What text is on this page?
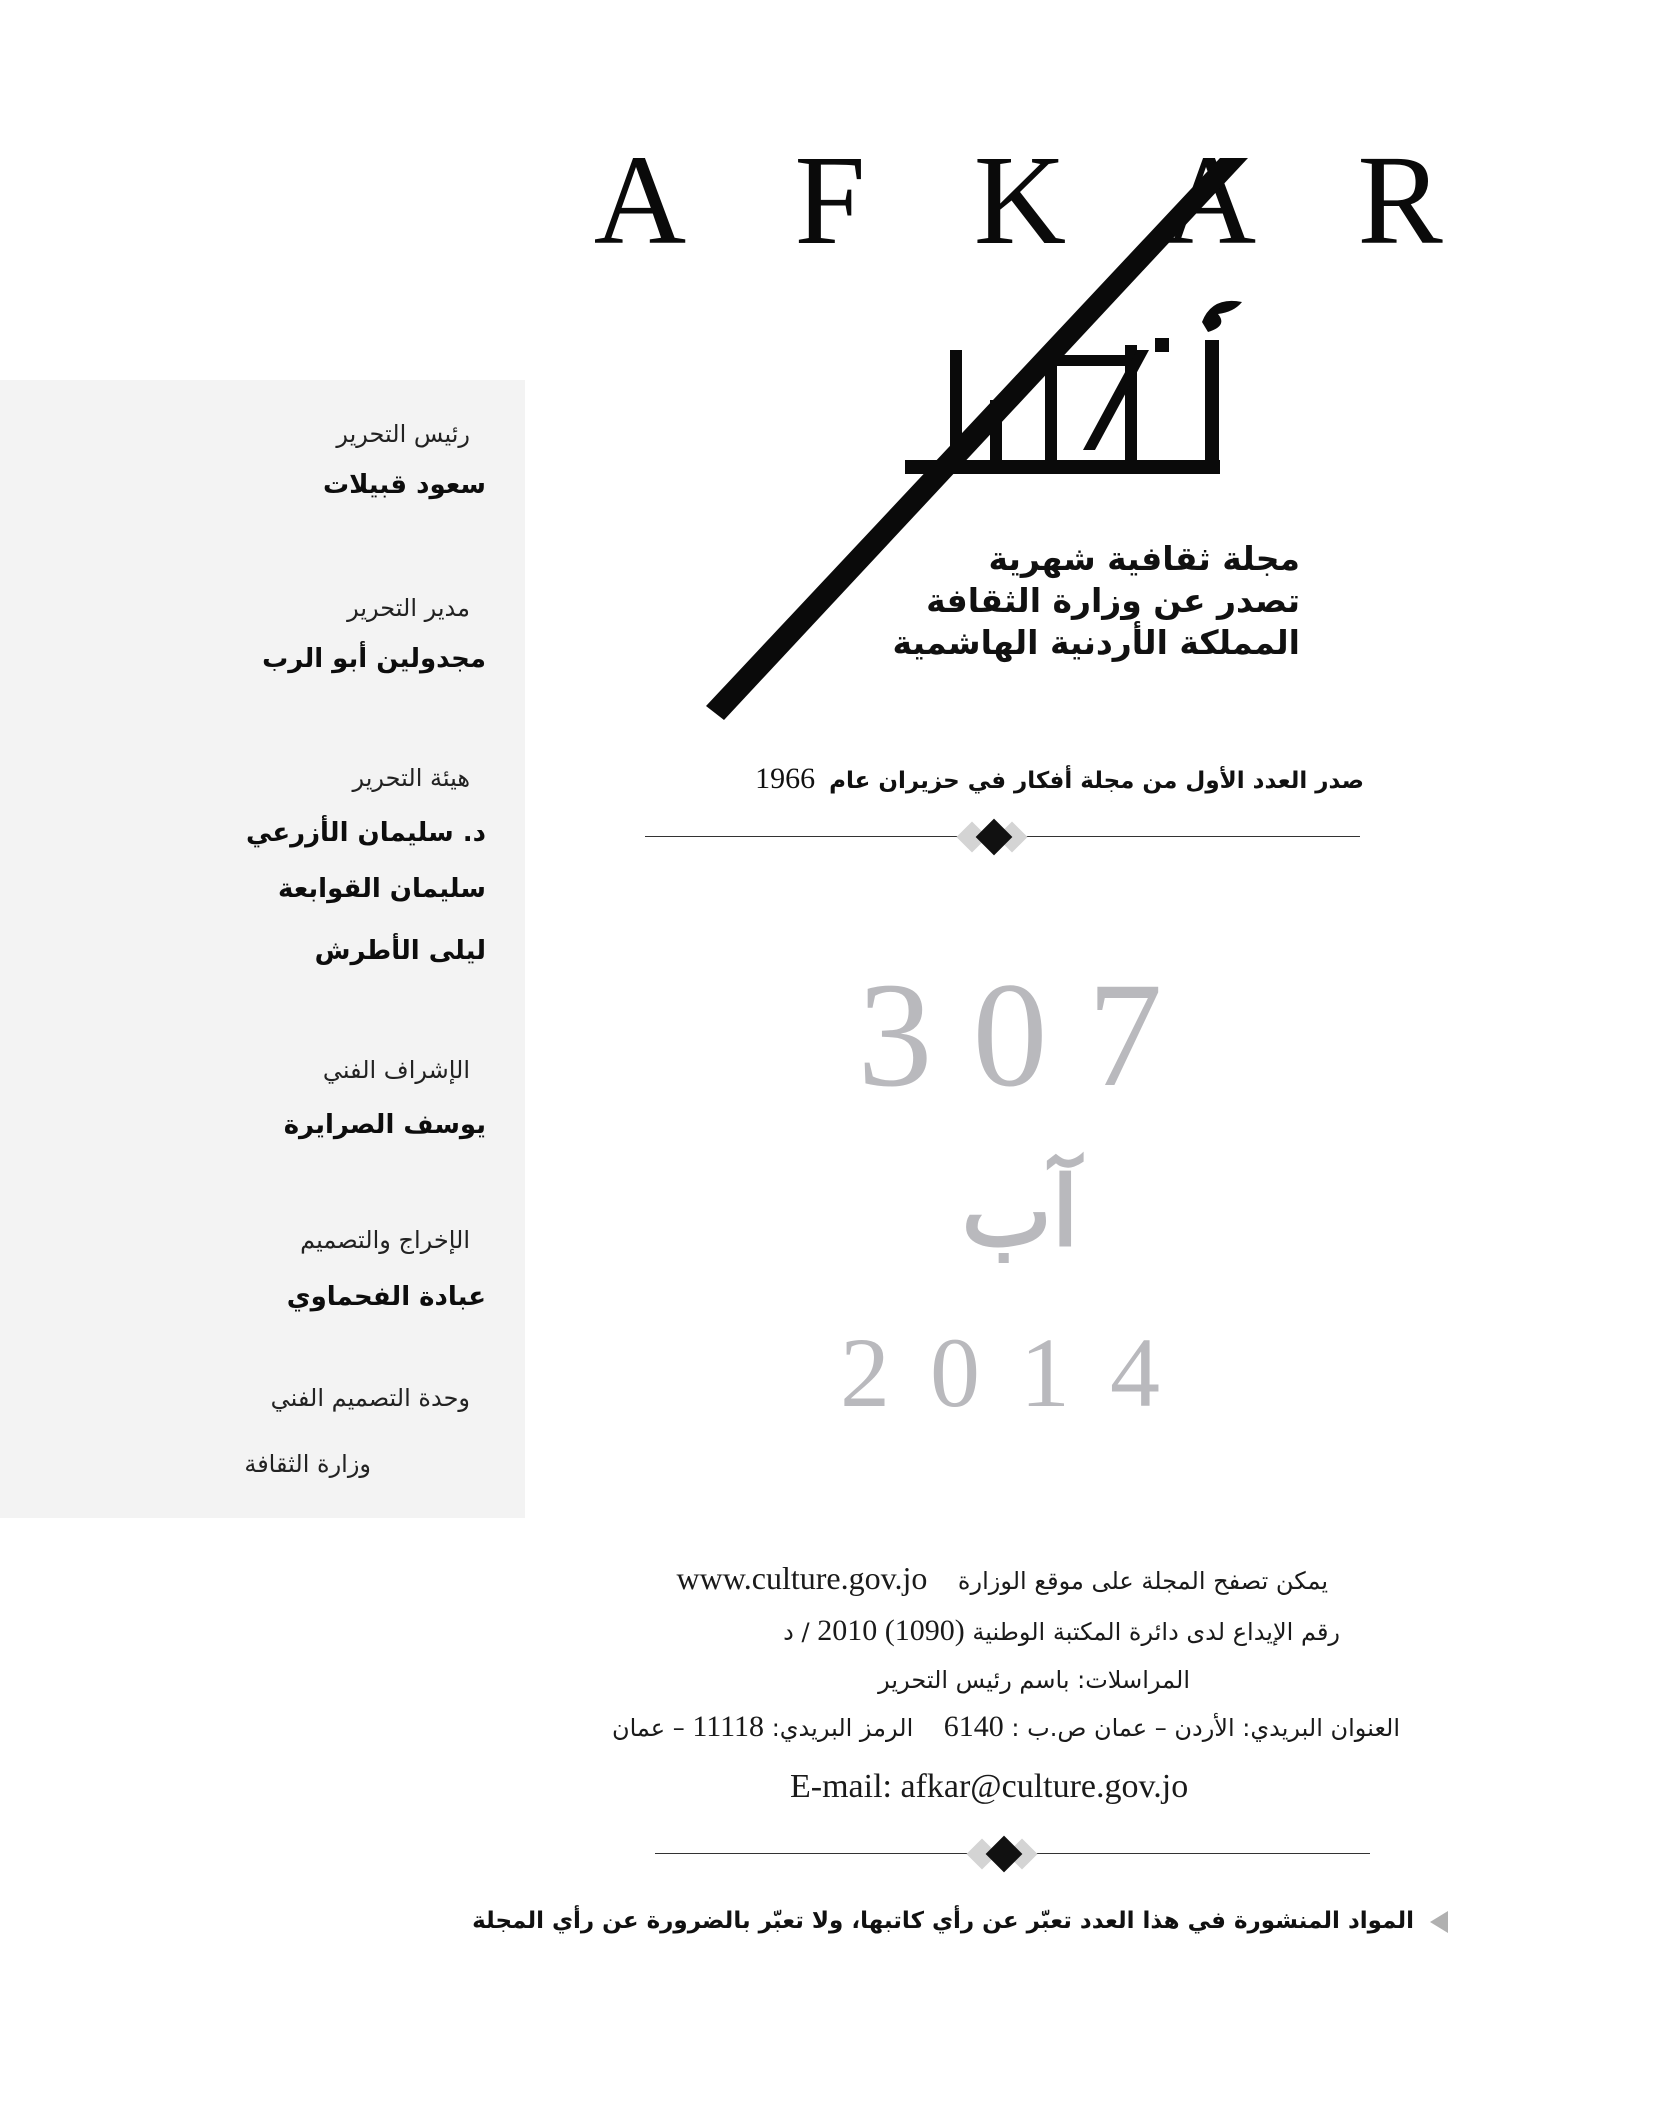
A F K A R
مجلة ثقافية شهرية
تصدر عن وزارة الثقافة
المملكة الأردنية الهاشمية
صدر العدد الأول من مجلة أفكار في حزيران عام 1966
307
آب
2014
رئيس التحرير
سعود قبيلات
مدير التحرير
مجدولين أبو الرب
هيئة التحرير
د. سليمان الأزرعي
سليمان القوابعة
ليلى الأطرش
الإشراف الفني
يوسف الصرايرة
الإخراج والتصميم
عبادة الفحماوي
وحدة التصميم الفني
وزارة الثقافة
يمكن تصفح المجلة على موقع الوزارة    www.culture.gov.jo
رقم الإيداع لدى دائرة المكتبة الوطنية (1090) 2010 / د
المراسلات: باسم رئيس التحرير
العنوان البريدي: الأردن – عمان ص.ب : 6140    الرمز البريدي: 11118 – عمان
E-mail: afkar@culture.gov.jo
المواد المنشورة في هذا العدد تعبّر عن رأي كاتبها، ولا تعبّر بالضرورة عن رأي المجلة
